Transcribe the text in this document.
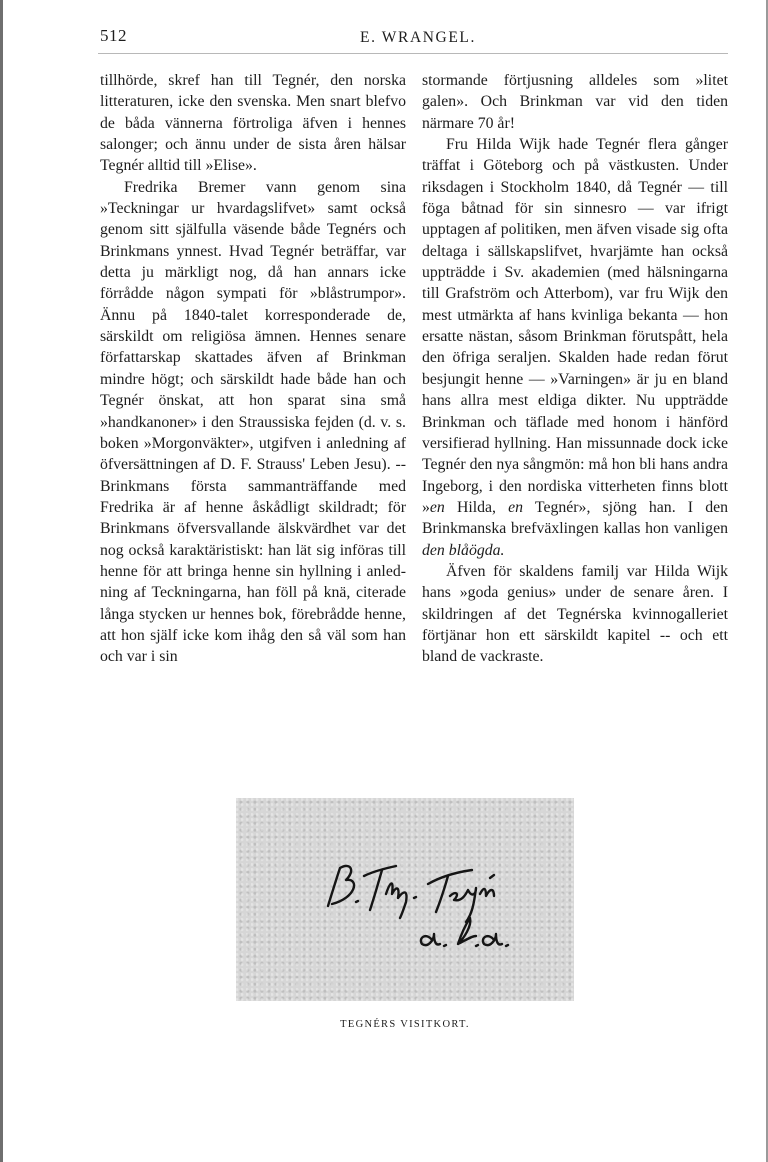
512	E. WRANGEL.

tillhörde, skref han till Tegnér, den norska litteraturen, icke den svenska. Men snart blefvo de båda vännerna förtroliga äfven i hennes salonger; och ännu under de sista åren hälsar Tegnér alltid till »Elise».

Fredrika Bremer vann genom sina »Teckningar ur hvardagslifvet» samt också genom sitt själfulla väsende både Tegnérs och Brinkmans ynnest. Hvad Tegnér beträffar, var detta ju märkligt nog, då han annars icke förrådde någon sympati för »blåstrumpor». Ännu på 1840-talet korresponderade de, särskildt om religiösa ämnen. Hennes senare författarskap skattades äfven af Brinkman mindre högt; och särskildt hade både han och Tegnér önskat, att hon sparat sina små »handkanoner» i den Straussiska fejden (d. v. s. boken »Morgonväkter», utgifven i anledning af öfversättningen af D. F. Strauss' Leben Jesu). -- Brinkmans första sammanträffande med Fredrika är af henne åskådligt skildradt; för Brinkmans öfversvallande älskvärdhet var det nog också karaktäristiskt: han lät sig införas till henne för att bringa henne sin hyllning i anledning af Teckningarna, han föll på knä, citerade långa stycken ur hennes bok, förebrådde henne, att hon själf icke kom ihåg den så väl som han och var i sin

stormande förtjusning alldeles som »litet galen». Och Brinkman var vid den tiden närmare 70 år!

Fru Hilda Wijk hade Tegnér flera gånger träffat i Göteborg och på västkusten. Under riksdagen i Stockholm 1840, då Tegnér — till föga båtnad för sin sinnesro — var ifrigt upptagen af politiken, men äfven visade sig ofta deltaga i sällskapslifvet, hvarjämte han också uppträdde i Sv. akademien (med hälsningarna till Grafström och Atterbom), var fru Wijk den mest utmärkta af hans kvinliga bekanta — hon ersatte nästan, såsom Brinkman förutspått, hela den öfriga seraljen. Skalden hade redan förut besjungit henne — »Varningen» är ju en bland hans allra mest eldiga dikter. Nu uppträdde Brinkman och täflade med honom i hänförd versifierad hyllning. Han missunnade dock icke Tegnér den nya sångmön: må hon bli hans andra Ingeborg, i den nordiska vitterheten finns blott »en Hilda, en Tegnér», sjöng han. I den Brinkmanska brefväxlingen kallas hon vanligen den blåögda.

Äfven för skaldens familj var Hilda Wijk hans »goda genius» under de senare åren. I skildringen af det Tegnérska kvinnogalleriet förtjänar hon ett särskildt kapitel -- och ett bland de vackraste.

TEGNÉRS VISITKORT.
